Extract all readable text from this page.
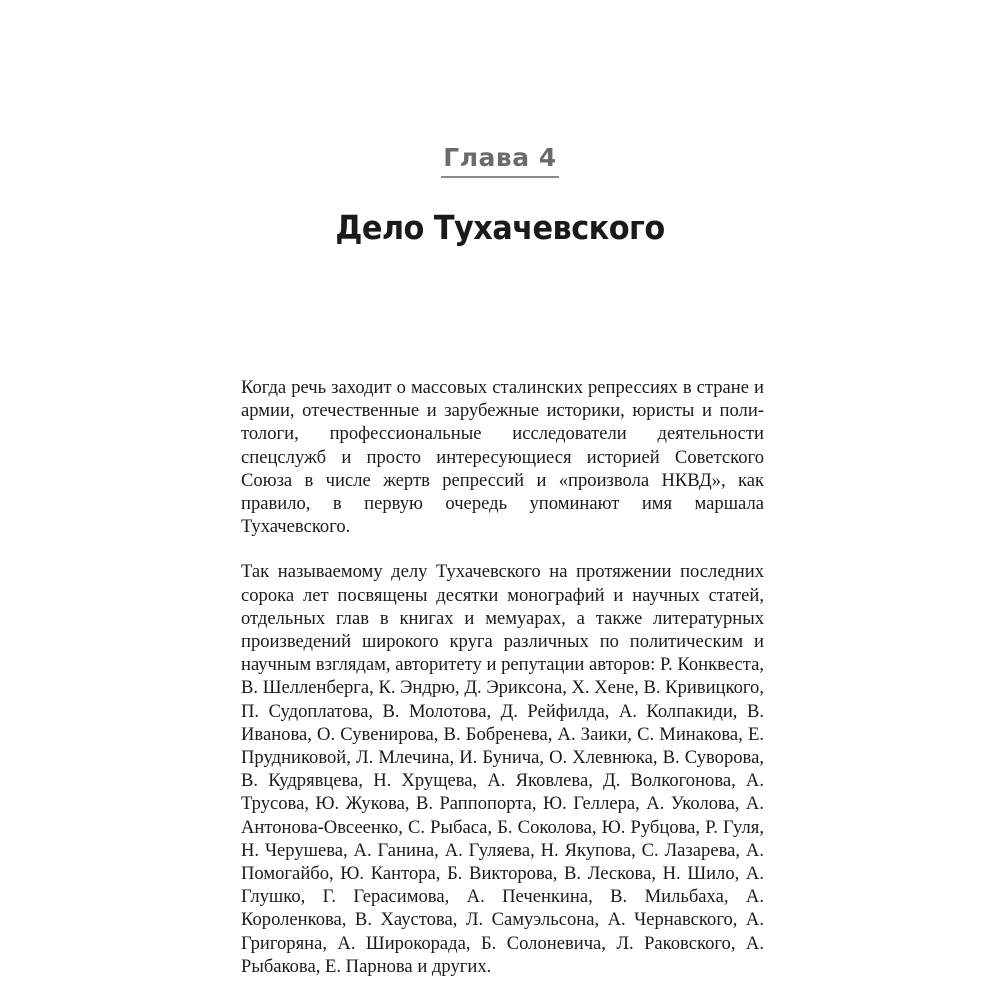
Глава 4
Дело Тухачевского

Когда речь заходит о массовых сталинских репрессиях в стране и армии, отечественные и зарубежные историки, юристы и политологи, профессиональные исследователи деятельности спецслужб и просто интересующиеся историей Советского Союза в числе жертв репрессий и «произвола НКВД», как правило, в первую очередь упоминают имя маршала Тухачевского.

Так называемому делу Тухачевского на протяжении последних сорока лет посвящены десятки монографий и научных статей, отдельных глав в книгах и мемуарах, а также литературных произведений широкого круга различных по политическим и научным взглядам, авторитету и репутации авторов: Р. Конквеста, В. Шелленберга, К. Эндрю, Д. Эриксона, Х. Хене, В. Кривицкого, П. Судоплатова, В. Молотова, Д. Рейфилда, А. Колпакиди, В. Иванова, О. Сувенирова, В. Бобренева, А. Заики, С. Минакова, Е. Прудниковой, Л. Млечина, И. Бунича, О. Хлевнюка, В. Суворова, В. Кудрявцева, Н. Хрущева, А. Яковлева, Д. Волкогонова, А. Трусова, Ю. Жукова, В. Раппопорта, Ю. Геллера, А. Уколова, А. Антонова-Овсеенко, С. Рыбаса, Б. Соколова, Ю. Рубцова, Р. Гуля, Н. Черушева, А. Ганина, А. Гуляева, Н. Якупова, С. Лазарева, А. Помогайбо, Ю. Кантора, Б. Викторова, В. Лескова, Н. Шило, А. Глушко, Г. Герасимова, А. Печенкина, В. Мильбаха, А. Короленкова, В. Хаустова, Л. Самуэльсона, А. Чернавского, А. Григоряна, А. Широкорада, Б. Солоневича, Л. Раковского, А. Рыбакова, Е. Парнова и других.
